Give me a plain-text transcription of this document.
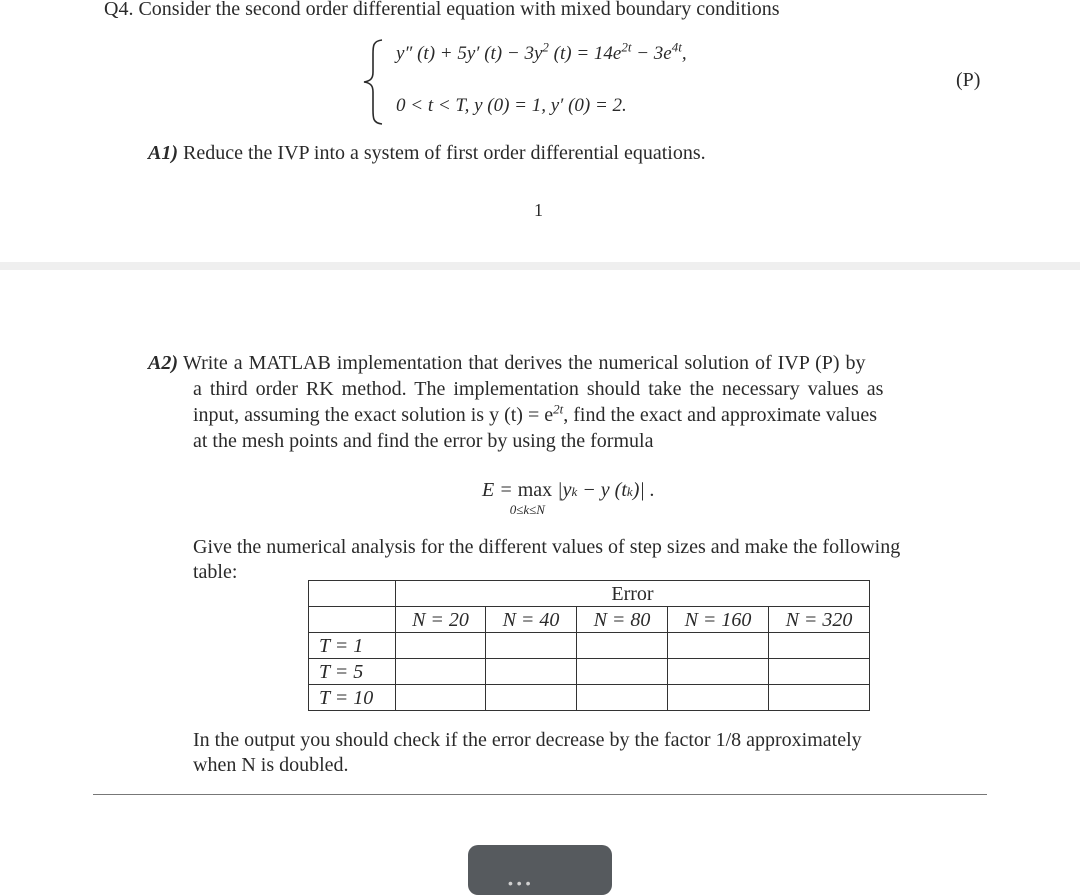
Q4. Consider the second order differential equation with mixed boundary conditions
y″ (t) + 5y′ $(t) - 3y^2$ $(t) = 14e^{2t} - 3e^{4t}$,
0 < t < T, y (0) = 1, y′ (0) = 2.
(P)
A1) Reduce the IVP into a system of first order differential equations.
1
A2) Write a MATLAB implementation that derives the numerical solution of IVP (P) by
a third order RK method. The implementation should take the necessary values as
input, assuming the exact solution is y $(t) = e^{2t}$, find the exact and approximate values
at the mesh points and find the error by using the formula
E = max
0≤k≤N
|yk − y (tk)| .
Give the numerical analysis for the different values of step sizes and make the following
table:
	Error				
	N = 20	N = 40	N = 80	N = 160	N = 320
T = 1					
T = 5					
T = 10					
In the output you should check if the error decrease by the factor 1/8 approximately
when N is doubled.
• • •
